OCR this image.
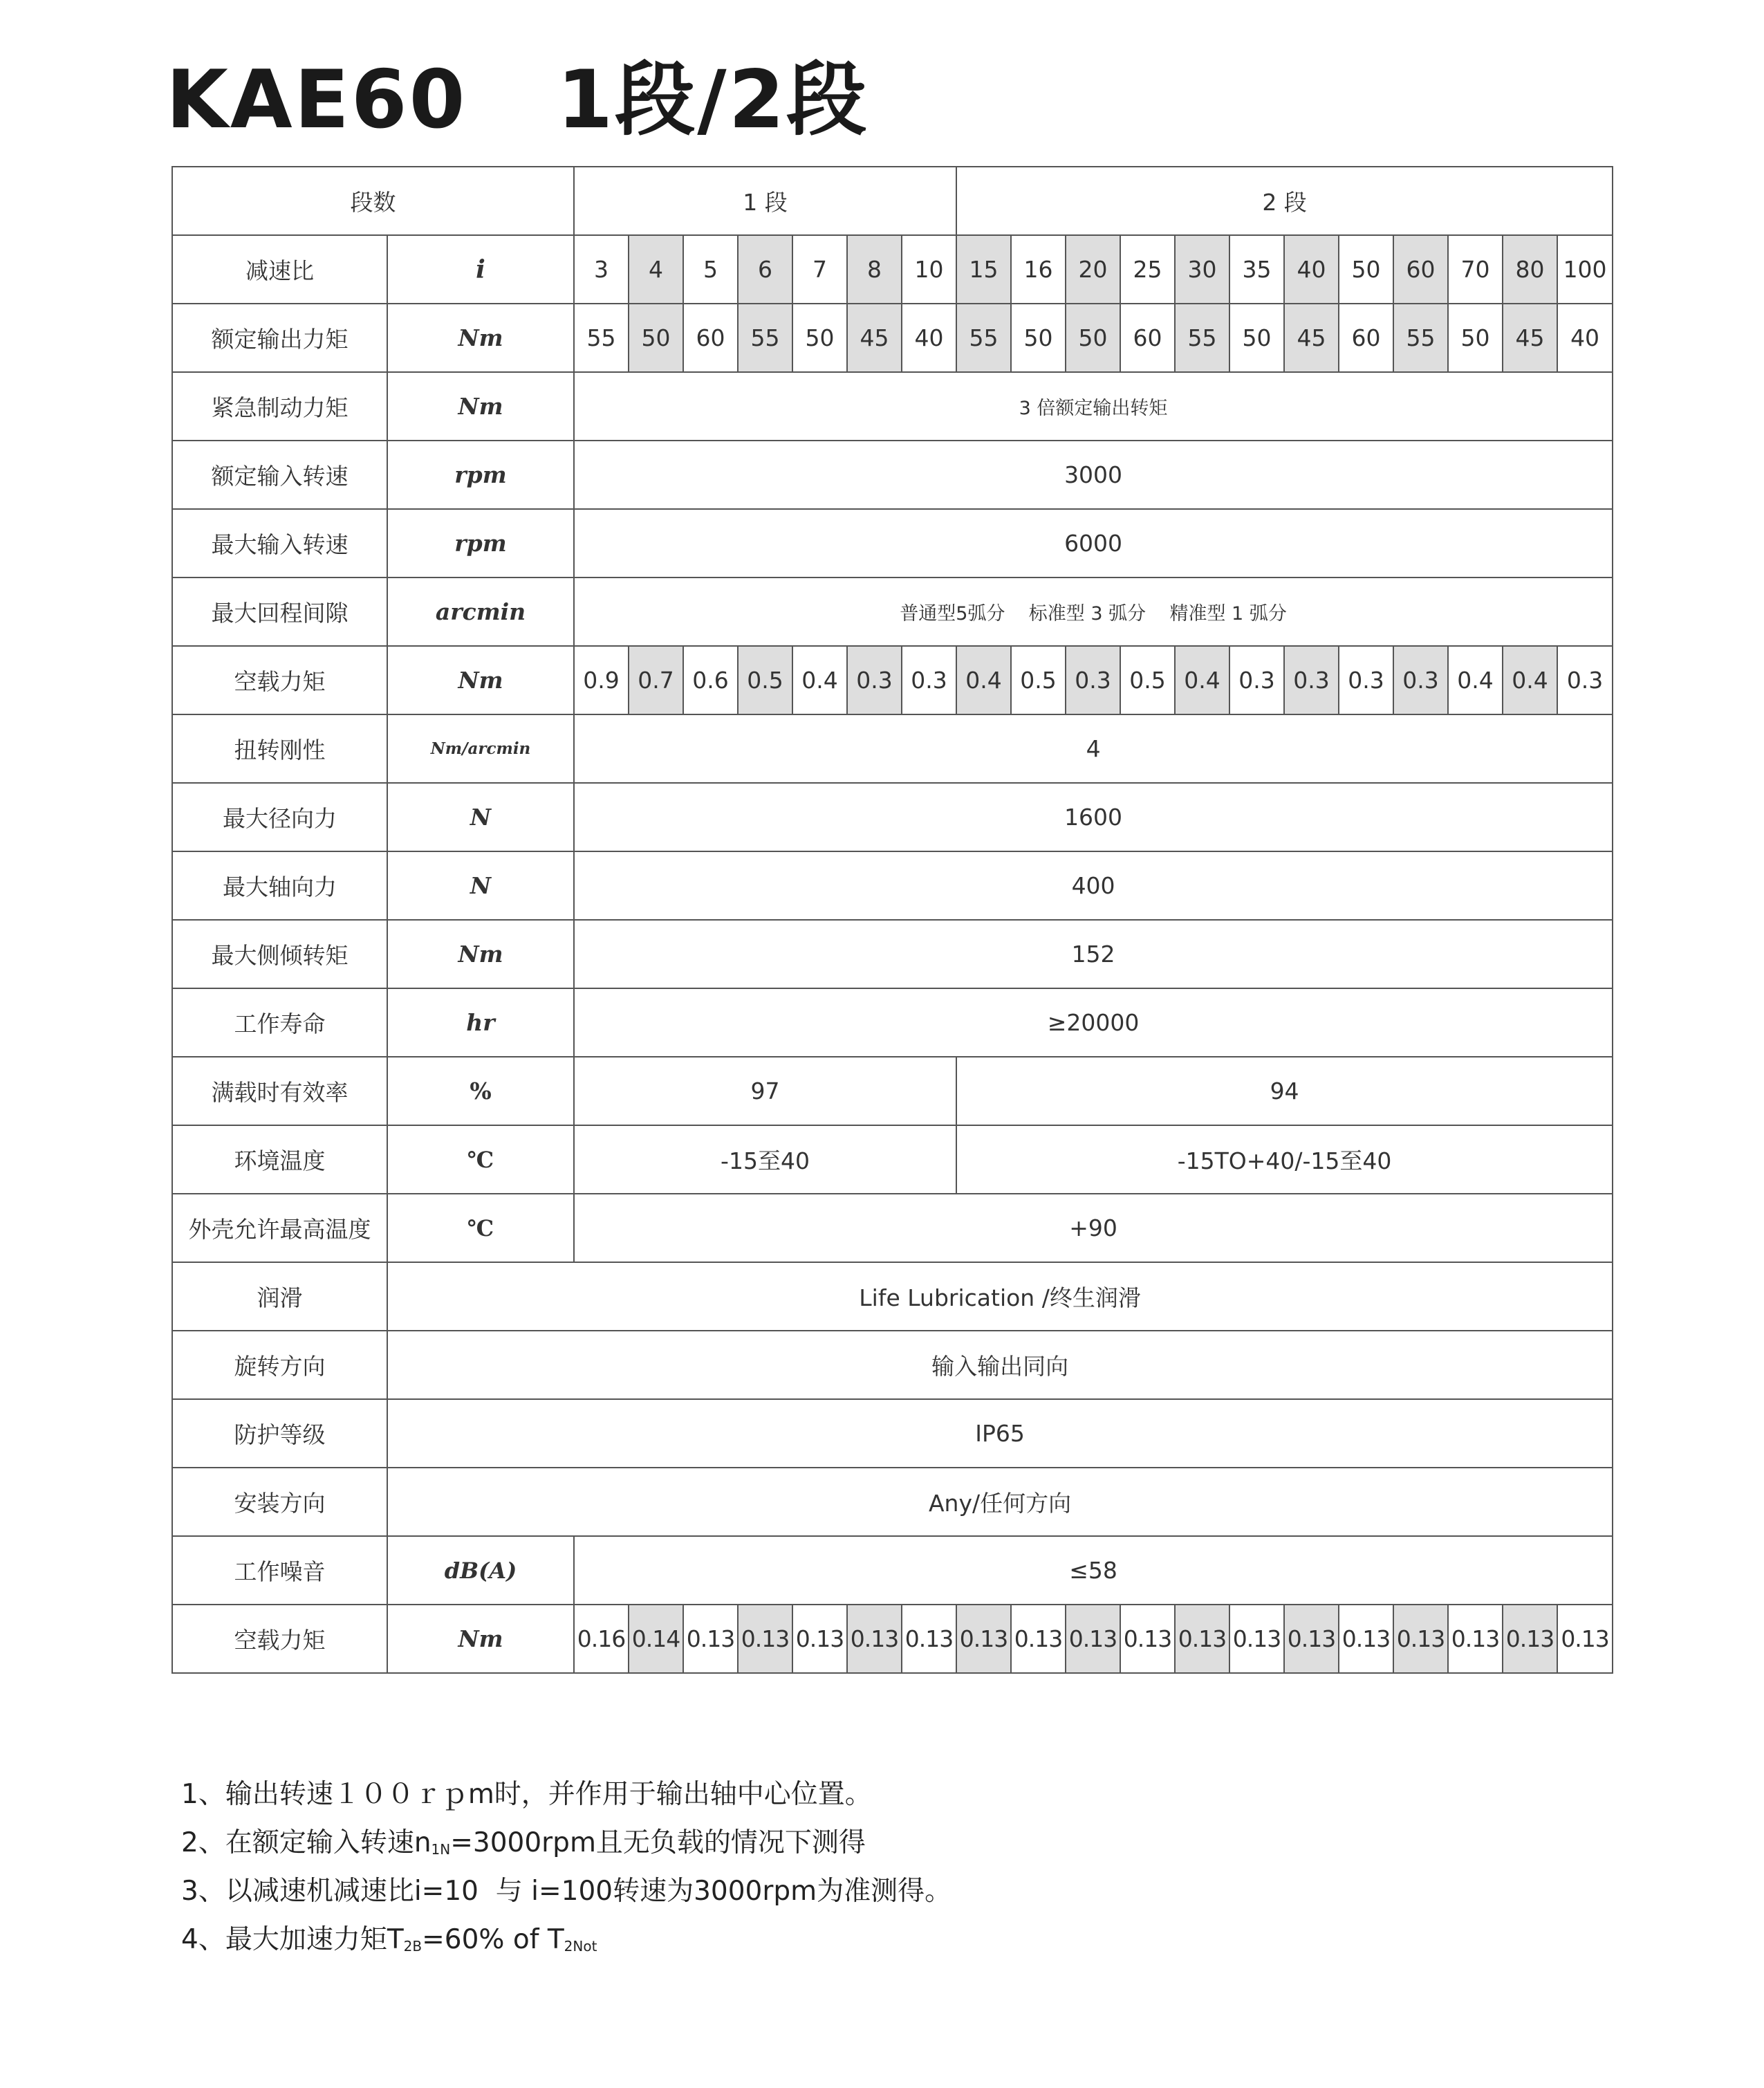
KAE60   1段/2段
段数		1 段							2 段											
减速比	i	3	4	5	6	7	8	10	15	16	20	25	30	35	40	50	60	70	80	100
额定输出力矩	Nm	55	50	60	55	50	45	40	55	50	50	60	55	50	45	60	55	50	45	40
紧急制动力矩	Nm	3 倍额定输出转矩																		
额定输入转速	rpm	3000																		
最大输入转速	rpm	6000																		
最大回程间隙	arcmin	普通型5弧分    标准型 3 弧分    精准型 1 弧分																		
空载力矩	Nm	0.9	0.7	0.6	0.5	0.4	0.3	0.3	0.4	0.5	0.3	0.5	0.4	0.3	0.3	0.3	0.3	0.4	0.4	0.3
扭转刚性	Nm/arcmin	4																		
最大径向力	N	1600																		
最大轴向力	N	400																		
最大侧倾转矩	Nm	152																		
工作寿命	hr	≥20000																		
满载时有效率	%	97							94											
环境温度	℃	-15至40							-15TO+40/-15至40											
外壳允许最高温度	℃	+90																		
润滑	Life Lubrication /终生润滑																			
旋转方向	输入输出同向																			
防护等级	IP65																			
安装方向	Any/任何方向																			
工作噪音	dB(A)	≤58																		
空载力矩	Nm	0.16	0.14	0.13	0.13	0.13	0.13	0.13	0.13	0.13	0.13	0.13	0.13	0.13	0.13	0.13	0.13	0.13	0.13	0.13
1、输出转速１００ｒｐm时，并作用于输出轴中心位置。
2、在额定输入转速$n_{1N}=3000rpm$且无负载的情况下测得
3、以减速机减速比i=10  与 i=100转速为3000rpm为准测得。
4、最大加速力矩$T_{2B}=60\%$ of $T_{2Not}$
